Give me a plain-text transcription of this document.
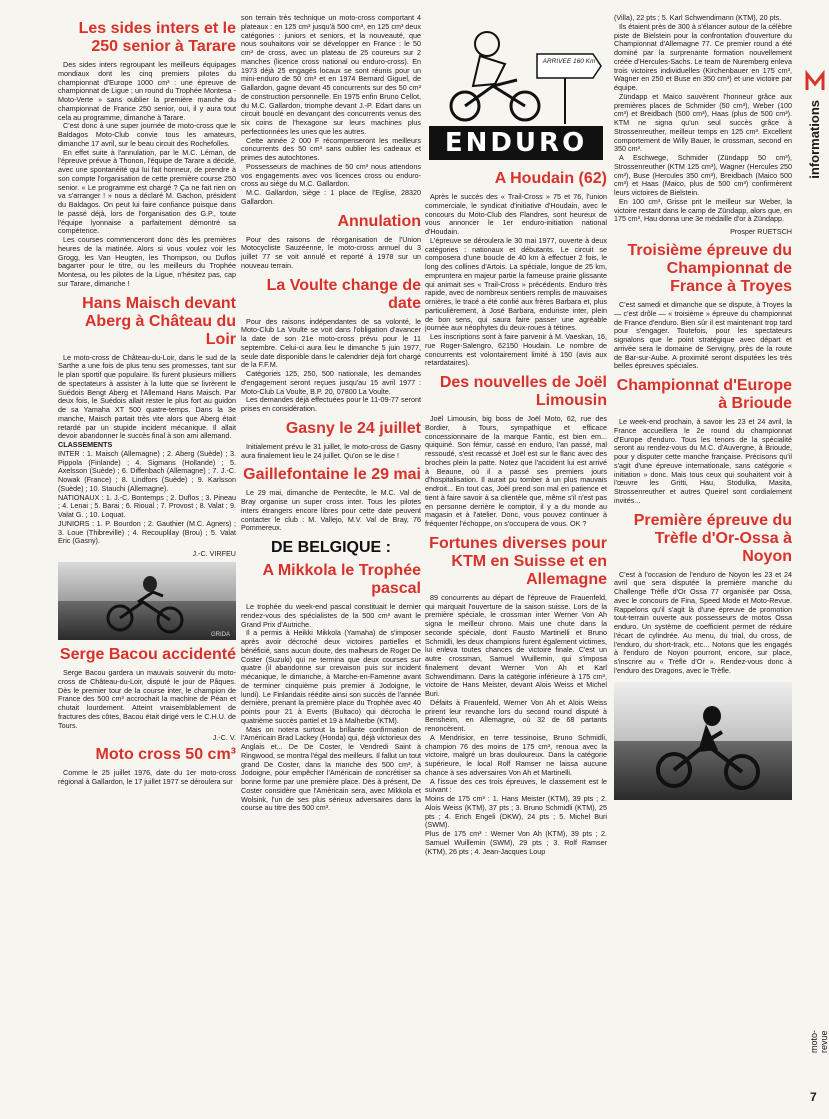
Les sides inters et le 250 senior à Tarare

Des sides inters regroupant les meilleurs équipages mondiaux dont les cinq premiers pilotes du championnat d'Europe 1000 cm³ : une épreuve de championnat de Ligue ; un round du Trophée Montesa - Moto-Verte » sans oublier la première manche du championnat de France 250 senior, oui, il y aura tout cela au programme, dimanche à Tarare.

C'est donc à une super journée de moto-cross que le Baldagos Moto-Club convie tous les amateurs, dimanche 17 avril, sur le beau circuit des Rochefolles.

En effet suite à l'annulation, par le M.C. Léman, de l'épreuve prévue à Thonon, l'équipe de Tarare a décidé, avec une spontanéité qui lui fait honneur, de prendre à son compte l'organisation de cette première course 250 senior. « Le programme est chargé ? Ça ne fait rien on va s'arranger ! » nous a déclaré M. Gachon, président du Baldagos. On peut lui faire confiance puisque dans le passé déjà, lors de l'organisation des G.P., toute l'équipe lyonnaise a parfaitement démontré sa compétence.

Les courses commenceront donc dès les premières heures de la matinée. Alors si vous voulez voir les Grogg, les Van Heugten, les Thompson, ou Duflos bagarrer pour le titre, ou les meilleurs du Trophée Montesa, ou les pilotes de la Ligue, n'hésitez pas, cap sur Tarare, dimanche !

Hans Maisch devant Aberg à Château du Loir

Le moto-cross de Château-du-Loir, dans le sud de la Sarthe a une fois de plus tenu ses promesses, tant sur le plan sportif que populaire. Ils furent plusieurs milliers de spectateurs à assister à la lutte que se livrèrent le Suédois Bengt Aberg et l'Allemand Hans Maisch. Par deux fois, le Suédois allait rester le plus fort au guidon de sa Yamaha XT 500 quatre-temps. Dans la 3e manche, Maisch partait très vite alors que Aberg était retardé par un stupide incident mécanique. Il allait devoir abandonner le succès final à son ami allemand.

CLASSEMENTS

INTER : 1. Maisch (Allemagne) ; 2. Aberg (Suède) ; 3. Pippola (Finlande) ; 4. Sigmans (Hollande) ; 5. Axelsson (Suède) ; 6. Diffenbach (Allemagne) ; 7. J.-C. Nowak (France) ; 8. Lindfors (Suède) ; 9. Karlsson (Suède) ; 10. Stauchi (Allemagne).

NATIONAUX : 1. J.-C. Bontemps ; 2. Duflos ; 3. Pineau ; 4. Lenai ; 5. Barai ; 6. Rioual ; 7. Provost ; 8. Valat ; 9. Valat G. ; 10. Loquat.

JUNIORS : 1. P. Bourdon ; 2. Gauthier (M.C. Agners) ; 3. Loue (Thibreville) ; 4. Recouplilay (Brou) ; 5. Valat Eric (Gasny).

J.-C. VIRFEU
GRIDA
Serge Bacou accidenté

Serge Bacou gardera un mauvais souvenir du moto-cross de Château-du-Loir, disputé le jour de Pâques. Dès le premier tour de la course inter, le champion de France des 500 cm³ accrochait la machine de Péan et chutait lourdement. Atteint vraisemblablement de fractures des côtes, Bacou était dirigé vers le C.H.U. de Tours.

J.-C. V.
Moto cross 50 cm³

Comme le 25 juillet 1976, date du 1er moto-cross régional à Gallardon, le 17 juillet 1977 se déroulera sur

son terrain très technique un moto-cross comportant 4 plateaux : en 125 cm³ jusqu'à 500 cm³, en 125 cm³ deux catégories : juniors et seniors, et la nouveauté, que nous souhaitons voir se développer en France : le 50 cm³ de cross, avec un plateau de 25 coureurs sur 2 manches (licence cross national ou enduro-cross). En 1973 déjà 25 engagés locaux se sont réunis pour un mini-enduro de 50 cm³ et en 1974 Bernard Giguel, de Gallardon, gagne devant 45 concurrents sur des 50 cm³ de construction personnelle. En 1975 enfin Bruno Cellot, du M.C. Gallardon, triomphe devant J.-P. Edart dans un circuit bouclé en devançant des concurrents venus des six coins de l'hexagone sur leurs machines plus perfectionnées les unes que les autres.

Cette année 2 000 F récompenseront les meilleurs concurrents des 50 cm³ sans oublier les cadeaux et primes des autochtones.

Possesseurs de machines de 50 cm³ nous attendons vos engagements avec vos licences cross ou enduro-cross au siège du M.C. Gallardon.

M.C. Gallardon, siège : 1 place de l'Eglise, 28320 Gallardon.

Annulation

Pour des raisons de réorganisation de l'Union Motocycliste Sauzéenne, le moto-cross annuel du 3 juillet 77 se voit annulé et reporté à 1978 sur un nouveau terrain.

La Voulte change de date

Pour des raisons indépendantes de sa volonté, le Moto-Club La Voulte se voit dans l'obligation d'avancer la date de son 21e moto-cross prévu pour le 11 septembre. Celui-ci aura lieu le dimanche 5 juin 1977, seule date disponible dans le calendrier déjà fort chargé de la F.F.M.

Catégories 125, 250, 500 nationale, les demandes d'engagement seront reçues jusqu'au 15 avril 1977 : Moto-Club La Voulte, B.P. 20, 07800 La Voulte.

Les demandes déjà effectuées pour le 11-09-77 seront prises en considération.

Gasny le 24 juillet

Initialement prévu le 31 juillet, le moto-cross de Gasny aura finalement lieu le 24 juillet. Qu'on se le dise !

Gaillefontaine le 29 mai

Le 29 mai, dimanche de Pentecôte, le M.C. Val de Bray organise un super cross inter. Tous les pilotes inters étrangers encore libres pour cette date peuvent contacter le club : M. Vallejo, M.V. Val de Bray, 76 Pommereux.

DE BELGIQUE :
A Mikkola le Trophée pascal

Le trophée du week-end pascal constituait le dernier rendez-vous des spécialistes de la 500 cm³ avant le Grand Prix d'Autriche.

Il a permis à Heikki Mikkola (Yamaha) de s'imposer après avoir décroché deux victoires partielles et bénéficié, sans aucun doute, des malheurs de Roger De Coster (Suzuki) qui ne termina que deux courses sur quatre (il abandonne sur crevaison puis sur incident mécanique, le dimanche, à Marche-en-Famenne avant de terminer cinquième puis premier à Jodoigne, le lundi). Le Finlandais réédite ainsi son succès de l'année dernière, prenant la première place du Trophée avec 40 points pour 21 à Everts (Bultaco) qui décrocha le quatrième succès partiel et 19 à Malherbe (KTM).

Mais on notera surtout la brillante confirmation de l'Américain Brad Lackey (Honda) qui, déjà victorieux des Anglais et... De De Coster, le Vendredi Saint à Ringwood, se montra l'égal des meilleurs. Il fallut un tout grand De Coster, dans la manche des 500 cm³, à Jodoigne, pour empêcher l'Américain de concrétiser sa bonne forme par une première place. Dès à présent, De Coster considère que l'Américain sera, avec Mikkola et Wolsink, l'un de ses plus sérieux adversaires dans la course au titre des 500 cm³.

ARRIVEE 160 Km
ENDURO
A Houdain (62)

Après le succès des « Trail-Cross » 75 et 76, l'union commerciale, le syndicat d'initiative d'Houdain, avec le concours du Moto-Club des Flandres, sont heureux de vous annoncer le 1er enduro-initiation national d'Houdain.

L'épreuve se déroulera le 30 mai 1977, ouverte à deux catégories : nationaux et débutants. Le circuit se composera d'une boucle de 40 km à effectuer 2 fois, le long des collines d'Artois. La spéciale, longue de 25 km, empruntera en majeur partie la fameuse prairie glissante qui animait ses « Trail-Cross » précédents. Enduro très rapide, avec de nombreux sentiers remplis de mauvaises ornières, le tracé a été confié aux frères Barbara et, plus particulièrement, à José Barbara, enduriste inter, plein de bon sens, qui saura faire passer une agréable journée aux néophytes du deux-roues à tétines.

Les inscriptions sont à faire parvenir à M. Vaeskan, 16, rue Roger-Salengro, 62150 Houdain. Le nombre de concurrents est volontairement limité à 150 (avis aux retardataires).

Des nouvelles de Joël Limousin

Joël Limousin, big boss de Joël Moto, 62, rue des Bordier, à Tours, sympathique et efficace concessionnaire de la marque Fantic, est bien em... quiquiné. Son fémur, cassé en enduro, l'an passé, mal ressoudé, s'est recassé et Joël est sur le flanc avec des broches plein la patte. Notez que l'accident lui est arrivé à Beaune, où il a passé ses premiers jours d'hospitalisation. Il aurait pu tomber à un plus mauvais endroit... En tout cas, Joël prend son mal en patience et tient à faire savoir à sa clientèle que, même s'il n'est pas en personne derrière le comptoir, il y a du monde au magasin et à l'atelier. Donc, vous pouvez continuer à fréquenter l'échoppe, on s'occupera de vous. OK ?

Fortunes diverses pour KTM en Suisse et en Allemagne

89 concurrents au départ de l'épreuve de Frauenfeld, qui marquait l'ouverture de la saison suisse. Lors de la première spéciale, le crossman inter Werner Von Ah signa le meilleur chrono. Mais une chute dans la seconde spéciale, dont Fausto Martinelli et Bruno Schmidli, les deux champions furent également victimes, lui enleva toutes chances de victoire finale. C'est un autre crossman, Samuel Wuillemin, qui s'imposa finalement devant Werner Von Ah et Karl Schwendimann. Dans la catégorie inférieure à 175 cm³, victoire de Hans Meister, devant Alois Weiss et Michel Buri.

Défaits à Frauenfeld, Werner Von Ah et Alois Weiss prirent leur revanche lors du second round disputé à Bensheim, en Allemagne, où 32 de 68 partants renoncèrent.

A Mendrisior, en terre tessinoise, Bruno Schmidli, champion 76 des moins de 175 cm³, renoua avec la victoire, malgré un bras douloureux. Dans la catégorie supérieure, le local Rolf Ramser ne laissa aucune chance à ses adversaires Von Ah et Martinelli.

A l'issue des ces trois épreuves, le classement est le suivant :

Moins de 175 cm³ : 1. Hans Meister (KTM), 39 pts ; 2. Alois Weiss (KTM), 37 pts ; 3. Bruno Schmidli (KTM), 25 pts ; 4. Erich Engeli (DKW), 24 pts ; 5. Michel Buri (SWM).

Plus de 175 cm³ : Werner Von Ah (KTM), 39 pts ; 2. Samuel Wuillemin (SWM), 29 pts ; 3. Rolf Ramser (KTM), 26 pts ; 4. Jean-Jacques Loup

(Villa), 22 pts ; 5. Karl Schwendimann (KTM), 20 pts.

Ils étaient près de 300 à s'élancer autour de la célèbre piste de Bielstein pour la confrontation d'ouverture du Championnat d'Allemagne 77. Ce premier round a été dominé par la surprenante formation nouvellement créée d'Hercules-Sachs. Le team de Nuremberg enleva trois victoires individuelles (Kirchenbauer en 175 cm³, Wagner en 250 et Buse en 350 cm³) et une victoire par équipe.

Zündapp et Maico sauvèrent l'honneur grâce aux premières places de Schmider (50 cm³), Weber (100 cm³) et Breidbach (500 cm³), Haas (plus de 500 cm³). KTM ne signa qu'un seul succès grâce à Strossenreuther, meilleur temps en 125 cm³. Excellent comportement de Willy Bauer, le crossman, second en 350 cm³.

A Eschwege, Schmider (Zündapp 50 cm³), Strossenreuther (KTM 125 cm³), Wagner (Hercules 250 cm³), Buse (Hercules 350 cm³), Breidbach (Maico 500 cm³) et Haas (Maico, plus de 500 cm³) confirmèrent leurs victoires de Bielstein.

En 100 cm³, Grisse prit le meilleur sur Weber, la victoire restant dans le camp de Zündapp, alors que, en 175 cm³, Hau donna une 3e médaille d'or à Zündapp.

Prosper RUETSCH
Troisième épreuve du Championnat de France à Troyes

C'est samedi et dimanche que se dispute, à Troyes la — c'est drôle — « troisième » épreuve du championnat de France d'enduro. Bien sûr il est maintenant trop tard pour s'engager. Toutefois, pour les spectateurs signalons que le point stratégique avec départ et arrivée sera le domaine de Servigny, près de la route de Bar-sur-Aube. A proximité seront disputées les très belles épreuves spéciales.

Championnat d'Europe à Brioude

Le week-end prochain, à savoir les 23 et 24 avril, la France accueillera le 2e round du championnat d'Europe d'enduro. Tous les tenors de la spécialité seront au rendez-vous du M.C. d'Auvergne, à Brioude, pour y disputer cette manche française. Précisons qu'il s'agit d'une épreuve internationale, sans catégorie « initiation » donc. Mais tous ceux qui souhaitent voir à l'œuvre les Gritti, Hau, Stodulka, Masita, Strossenreuther et autres Queirel sont cordialement invités...

Première épreuve du Trèfle d'Or-Ossa à Noyon

C'est à l'occasion de l'enduro de Noyon les 23 et 24 avril que sera disputée la première manche du Challenge Trèfle d'Or Ossa 77 organisée par Ossa, avec le concours de Fina, Speed Mode et Moto-Revue. Rappelons qu'il s'agit là d'une épreuve de promotion tout-terrain ouverte aux possesseurs de motos Ossa enduro. Un système de coefficient permet de réduire l'écart de cylindrée. Au menu, du trial, du cross, de l'enduro, du short-track, etc... Notons que les engagés à l'enduro de Noyon pourront, encore, sur place, s'inscrire au « Trèfle d'Or ». Rendez-vous donc à l'enduro des Dragons, avec le Trèfle.

informations
moto-revue
7
